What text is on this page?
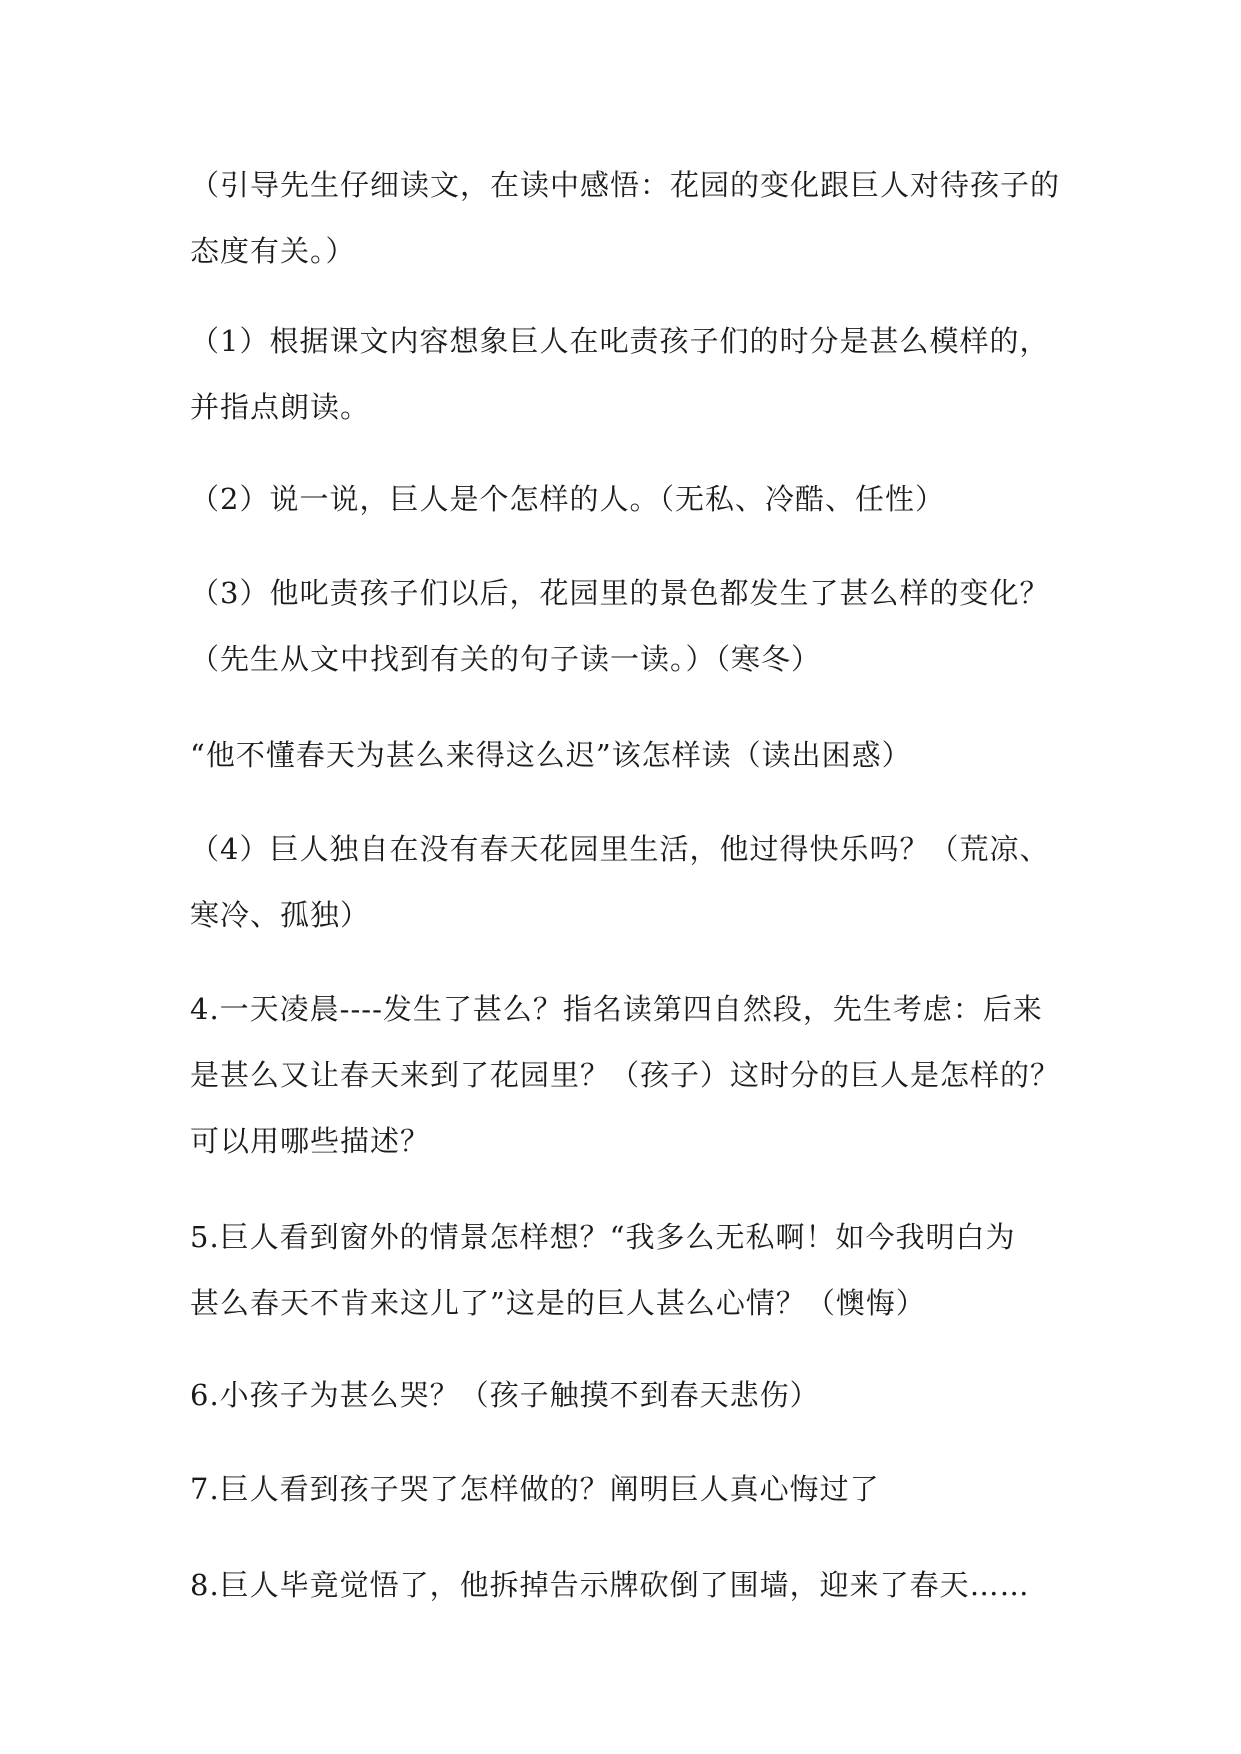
（引导先生仔细读文，在读中感悟：花园的变化跟巨人对待孩子的
态度有关。）

（1）根据课文内容想象巨人在叱责孩子们的时分是甚么模样的，
并指点朗读。

（2）说一说，巨人是个怎样的人。（无私、冷酷、任性）

（3）他叱责孩子们以后，花园里的景色都发生了甚么样的变化？
（先生从文中找到有关的句子读一读。）（寒冬）

“他不懂春天为甚么来得这么迟”该怎样读（读出困惑）

（4）巨人独自在没有春天花园里生活，他过得快乐吗？（荒凉、
寒冷、孤独）

4.一天凌晨----发生了甚么？指名读第四自然段，先生考虑：后来
是甚么又让春天来到了花园里？（孩子）这时分的巨人是怎样的？
可以用哪些描述？

5.巨人看到窗外的情景怎样想？“我多么无私啊！如今我明白为
甚么春天不肯来这儿了”这是的巨人甚么心情？（懊悔）

6.小孩子为甚么哭？（孩子触摸不到春天悲伤）

7.巨人看到孩子哭了怎样做的？阐明巨人真心悔过了

8.巨人毕竟觉悟了，他拆掉告示牌砍倒了围墙，迎来了春天……
